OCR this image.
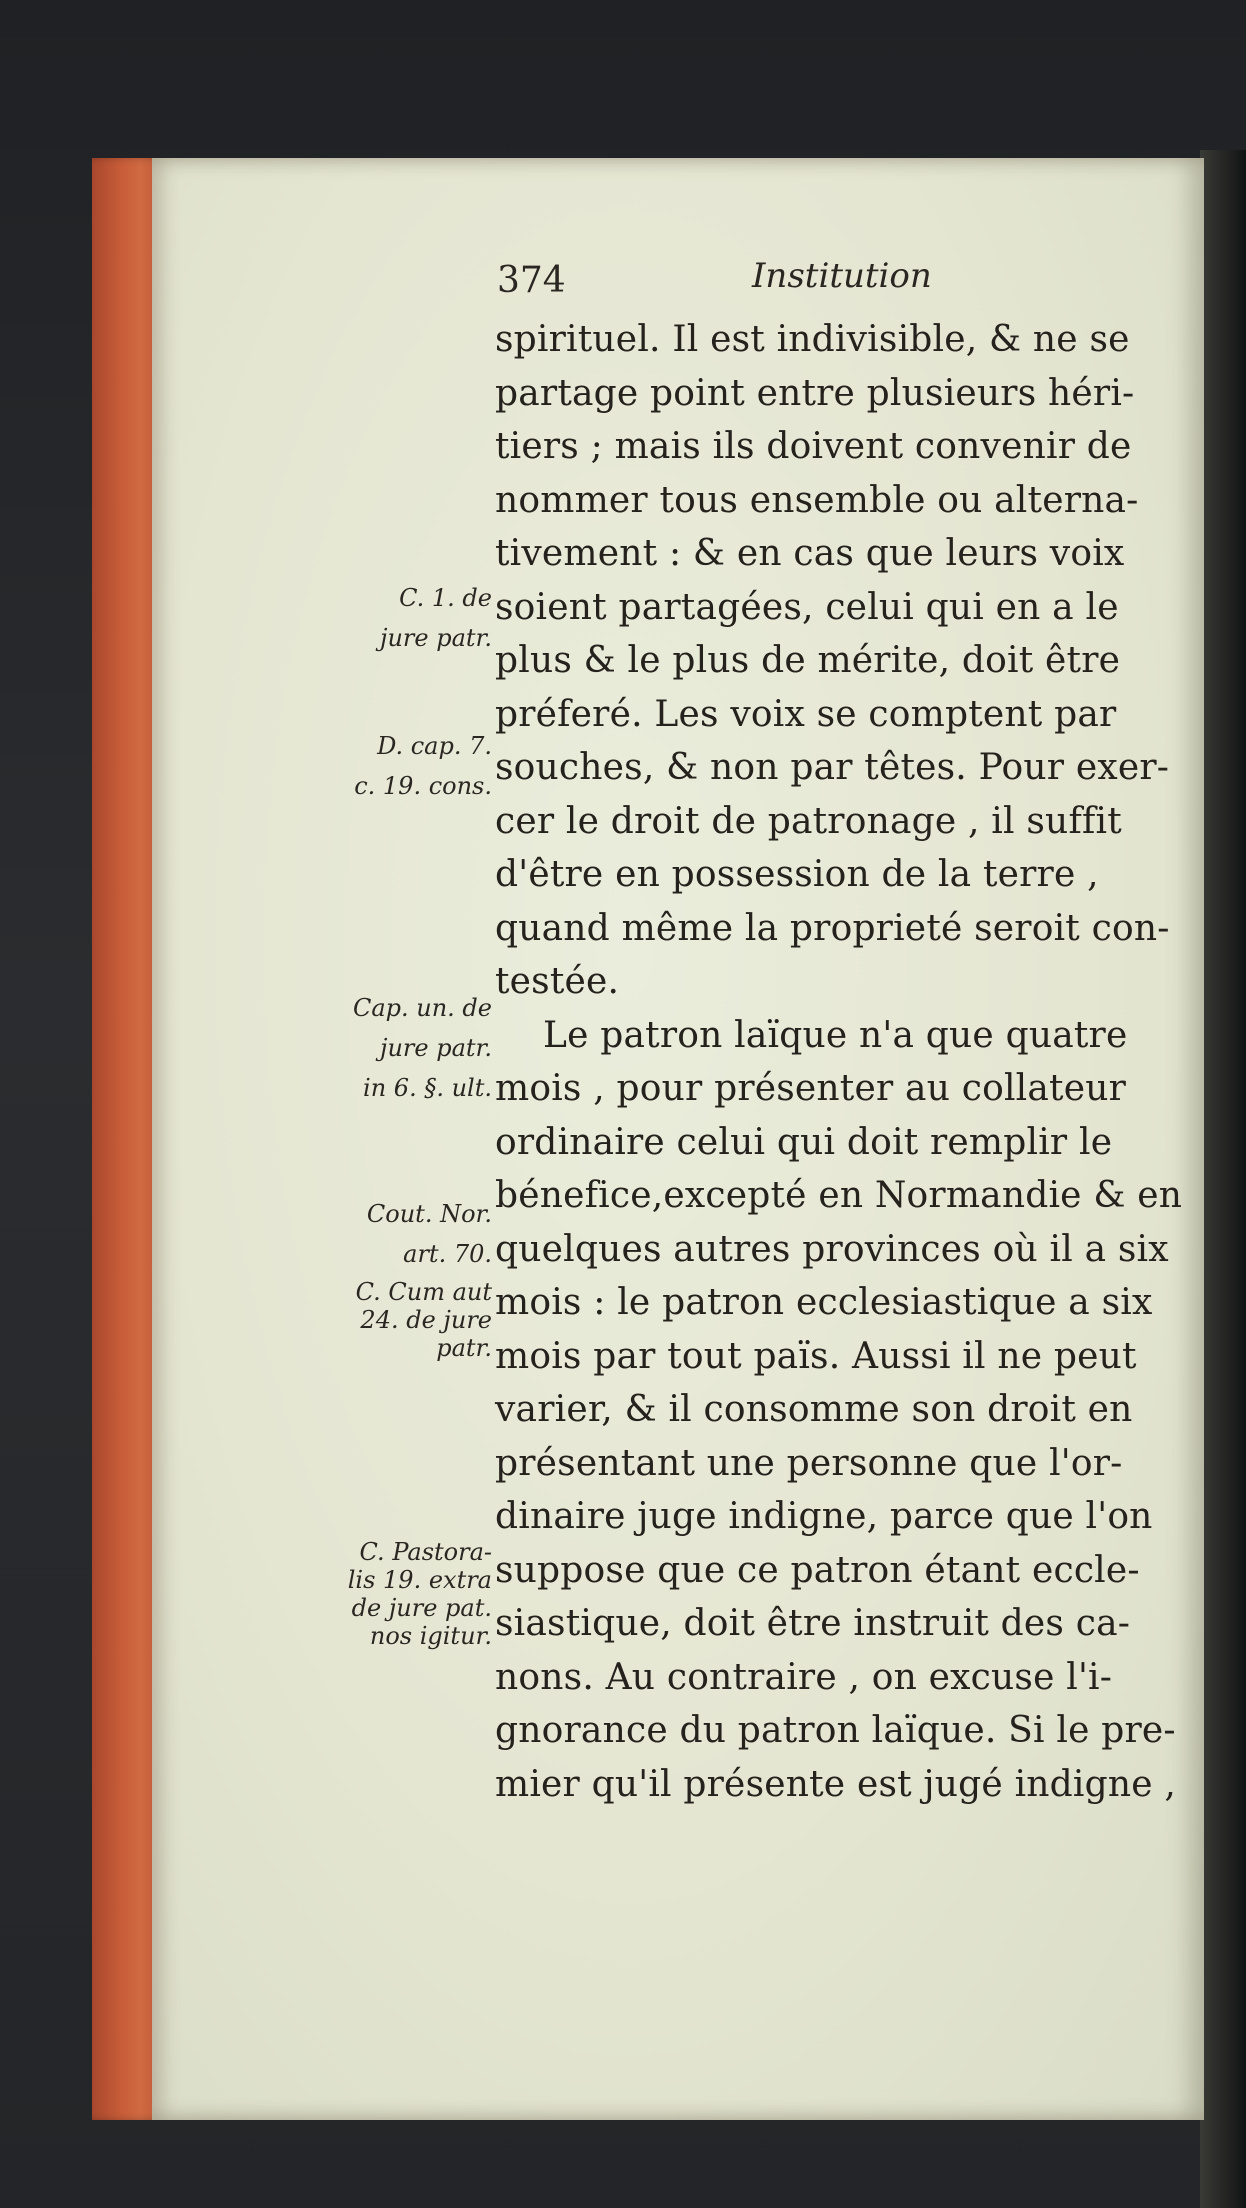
374	Institution
spirituel. Il est indivisible, & ne se
partage point entre plusieurs héri-
tiers ; mais ils doivent convenir de
nommer tous ensemble ou alterna-
tivement : & en cas que leurs voix
soient partagées, celui qui en a le
plus & le plus de mérite, doit être
préferé. Les voix se comptent par
souches, & non par têtes. Pour exer-
cer le droit de patronage , il suffit
d'être en possession de la terre ,
quand même la proprieté seroit con-
testée.
Le patron laïque n'a que quatre
mois , pour présenter au collateur
ordinaire celui qui doit remplir le
bénefice,excepté en Normandie & en
quelques autres provinces où il a six
mois : le patron ecclesiastique a six
mois par tout païs. Aussi il ne peut
varier, & il consomme son droit en
présentant une personne que l'or-
dinaire juge indigne, parce que l'on
suppose que ce patron étant eccle-
siastique, doit être instruit des ca-
nons. Au contraire , on excuse l'i-
gnorance du patron laïque. Si le pre-
mier qu'il présente est jugé indigne ,
C. 1. de
jure patr.
D. cap. 7.
c. 19. cons.
Cap. un. de
jure patr.
in 6. §. ult.
Cout. Nor.
art. 70.
C. Cum aut
24. de jure
patr.
C. Pastora-
lis 19. extra
de jure pat.
nos igitur.
